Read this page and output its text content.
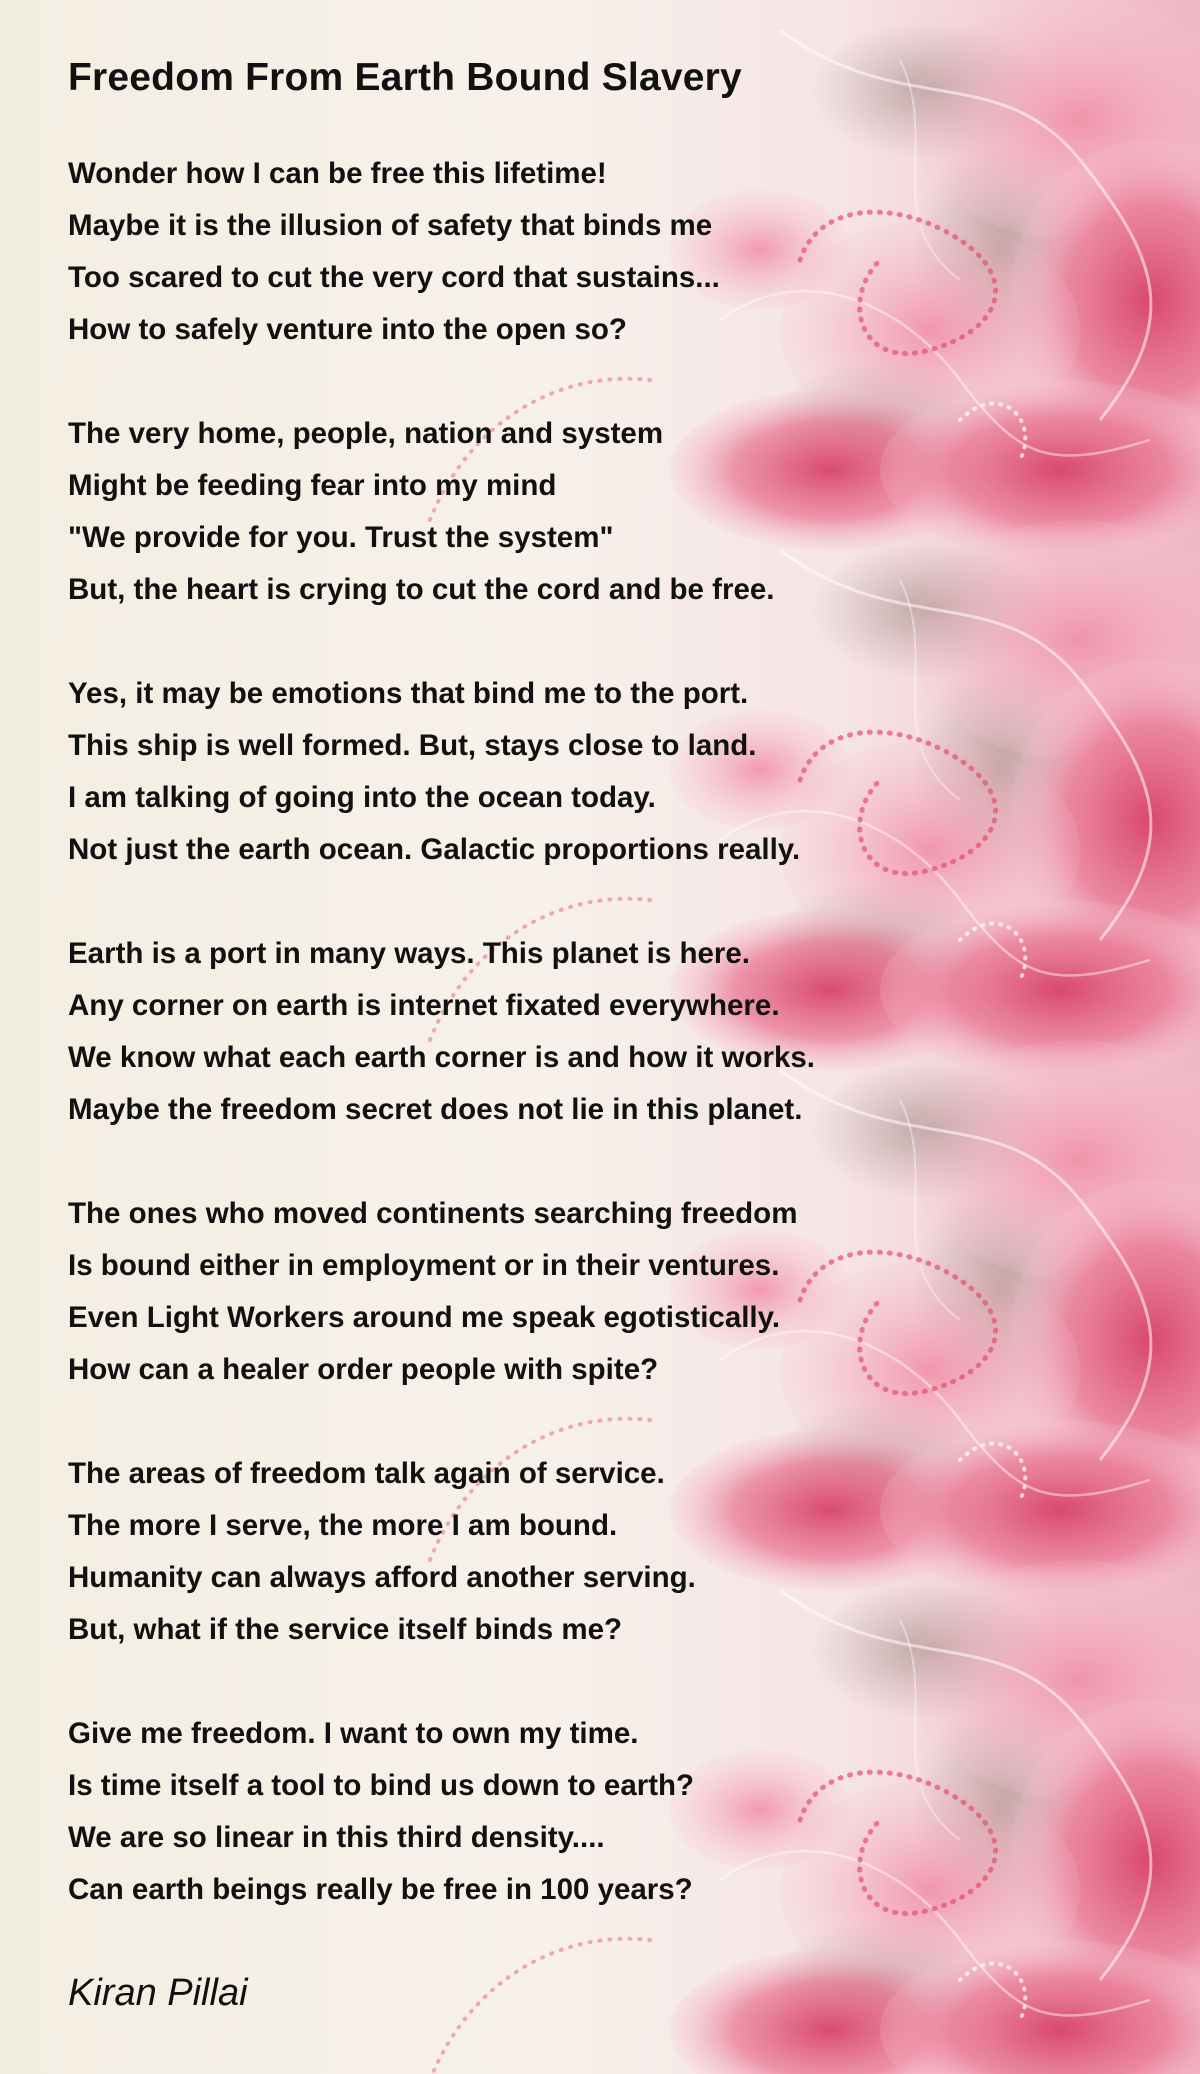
Freedom From Earth Bound Slavery
Wonder how I can be free this lifetime!
Maybe it is the illusion of safety that binds me
Too scared to cut the very cord that sustains...
How to safely venture into the open so?
The very home, people, nation and system
Might be feeding fear into my mind
"We provide for you. Trust the system"
But, the heart is crying to cut the cord and be free.
Yes, it may be emotions that bind me to the port.
This ship is well formed. But, stays close to land.
I am talking of going into the ocean today.
Not just the earth ocean. Galactic proportions really.
Earth is a port in many ways. This planet is here.
Any corner on earth is internet fixated everywhere.
We know what each earth corner is and how it works.
Maybe the freedom secret does not lie in this planet.
The ones who moved continents searching freedom
Is bound either in employment or in their ventures.
Even Light Workers around me speak egotistically.
How can a healer order people with spite?
The areas of freedom talk again of service.
The more I serve, the more I am bound.
Humanity can always afford another serving.
But, what if the service itself binds me?
Give me freedom. I want to own my time.
Is time itself a tool to bind us down to earth?
We are so linear in this third density....
Can earth beings really be free in 100 years?
Kiran Pillai
